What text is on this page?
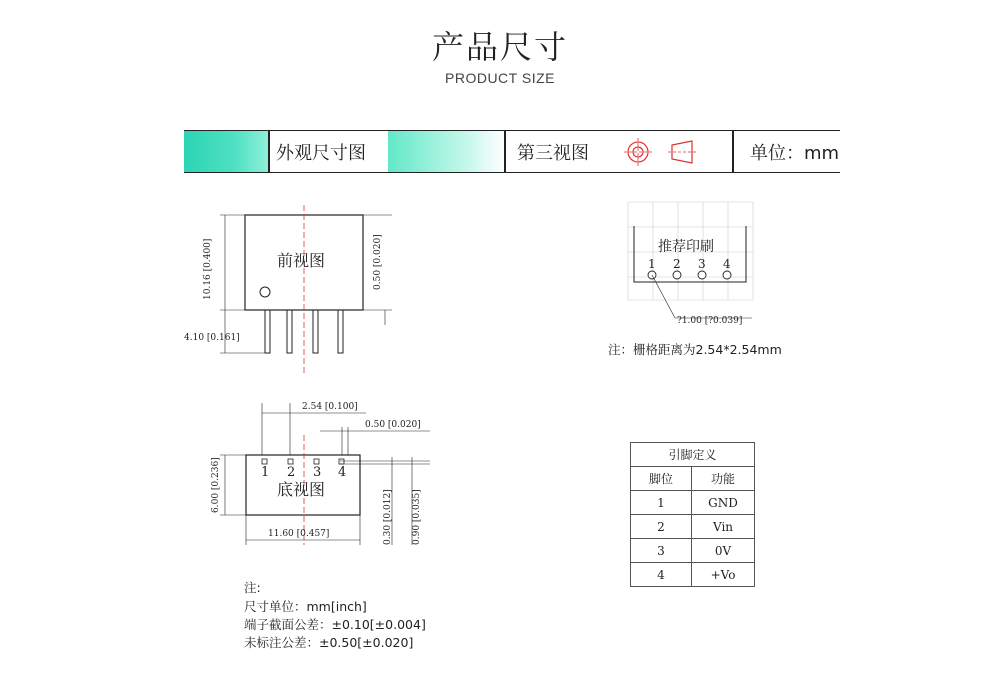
产品尺寸
PRODUCT SIZE
外观尺寸图	第三视图	单位：mm
10.16 [0.400]
4.10 [0.161]
0.50 [0.020]
前视图
2.54 [0.100]
0.50 [0.020]
1 2 3 4
底视图
6.00 [0.236]
11.60 [0.457]	0.30 [0.012] 0.90 [0.035]
推荐印刷
1 2 3 4
?1.00 [?0.039]
注：栅格距离为2.54*2.54mm
引脚定义	
脚位	功能
1	GND
2	Vin
3	0V
4	+Vo
注:
尺寸单位：mm[inch]
端子截面公差：±0.10[±0.004]
未标注公差：±0.50[±0.020]
